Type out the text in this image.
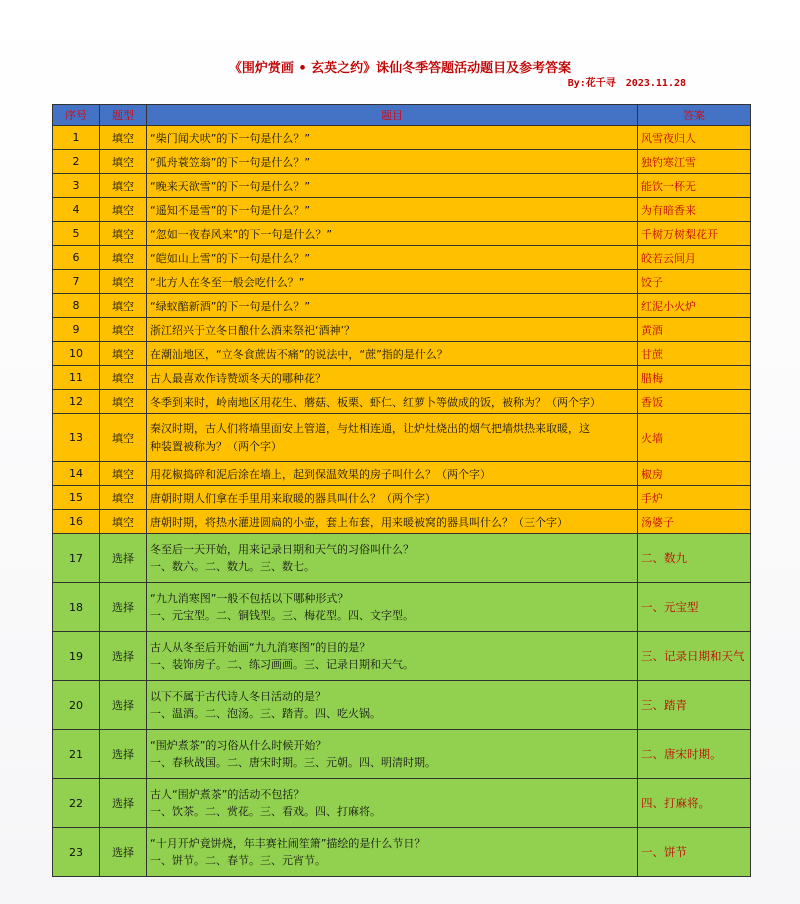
《围炉赏画 • 玄英之约》诛仙冬季答题活动题目及参考答案
By:花千寻　2023.11.28
序号	题型	题目	答案
1	填空	“柴门闻犬吠”的下一句是什么？”	风雪夜归人
2	填空	“孤舟蓑笠翁”的下一句是什么？”	独钓寒江雪
3	填空	“晚来天欲雪”的下一句是什么？”	能饮一杯无
4	填空	“遥知不是雪”的下一句是什么？”	为有暗香来
5	填空	“忽如一夜春风来”的下一句是什么？”	千树万树梨花开
6	填空	“皑如山上雪”的下一句是什么？”	皎若云间月
7	填空	“北方人在冬至一般会吃什么？”	饺子
8	填空	“绿蚁醅新酒”的下一句是什么？”	红泥小火炉
9	填空	浙江绍兴于立冬日酿什么酒来祭祀‘酒神’？	黄酒
10	填空	在潮汕地区，“立冬食蔗齿不痛”的说法中，“蔗”指的是什么？	甘蔗
11	填空	古人最喜欢作诗赞颂冬天的哪种花？	腊梅
12	填空	冬季到来时，岭南地区用花生、蘑菇、板栗、虾仁、红萝卜等做成的饭，被称为？（两个字）	香饭
13	填空	秦汉时期，古人们将墙里面安上管道，与灶相连通，让炉灶烧出的烟气把墙烘热来取暖，这
种装置被称为？（两个字）	火墙
14	填空	用花椒捣碎和泥后涂在墙上，起到保温效果的房子叫什么？（两个字）	椒房
15	填空	唐朝时期人们拿在手里用来取暖的器具叫什么？（两个字）	手炉
16	填空	唐朝时期，将热水灌进圆扁的小壶，套上布套，用来暖被窝的器具叫什么？（三个字）	汤婆子
17	选择	冬至后一天开始，用来记录日期和天气的习俗叫什么？
一、数六。二、数九。三、数七。	二、数九
18	选择	“九九消寒图”一般不包括以下哪种形式？
一、元宝型。二、铜钱型。三、梅花型。四、文字型。	一、元宝型
19	选择	古人从冬至后开始画“九九消寒图”的目的是？
一、装饰房子。二、练习画画。三、记录日期和天气。	三、记录日期和天气
20	选择	以下不属于古代诗人冬日活动的是？
一、温酒。二、泡汤。三、踏青。四、吃火锅。	三、踏青
21	选择	“围炉煮茶”的习俗从什么时候开始？
一、春秋战国。二、唐宋时期。三、元朝。四、明清时期。	二、唐宋时期。
22	选择	古人“围炉煮茶”的活动不包括？
一、饮茶。二、赏花。三、看戏。四、打麻将。	四、打麻将。
23	选择	“十月开炉竟饼烧，年丰赛社闹笙箫”描绘的是什么节日？
一、饼节。二、春节。三、元宵节。	一、饼节
